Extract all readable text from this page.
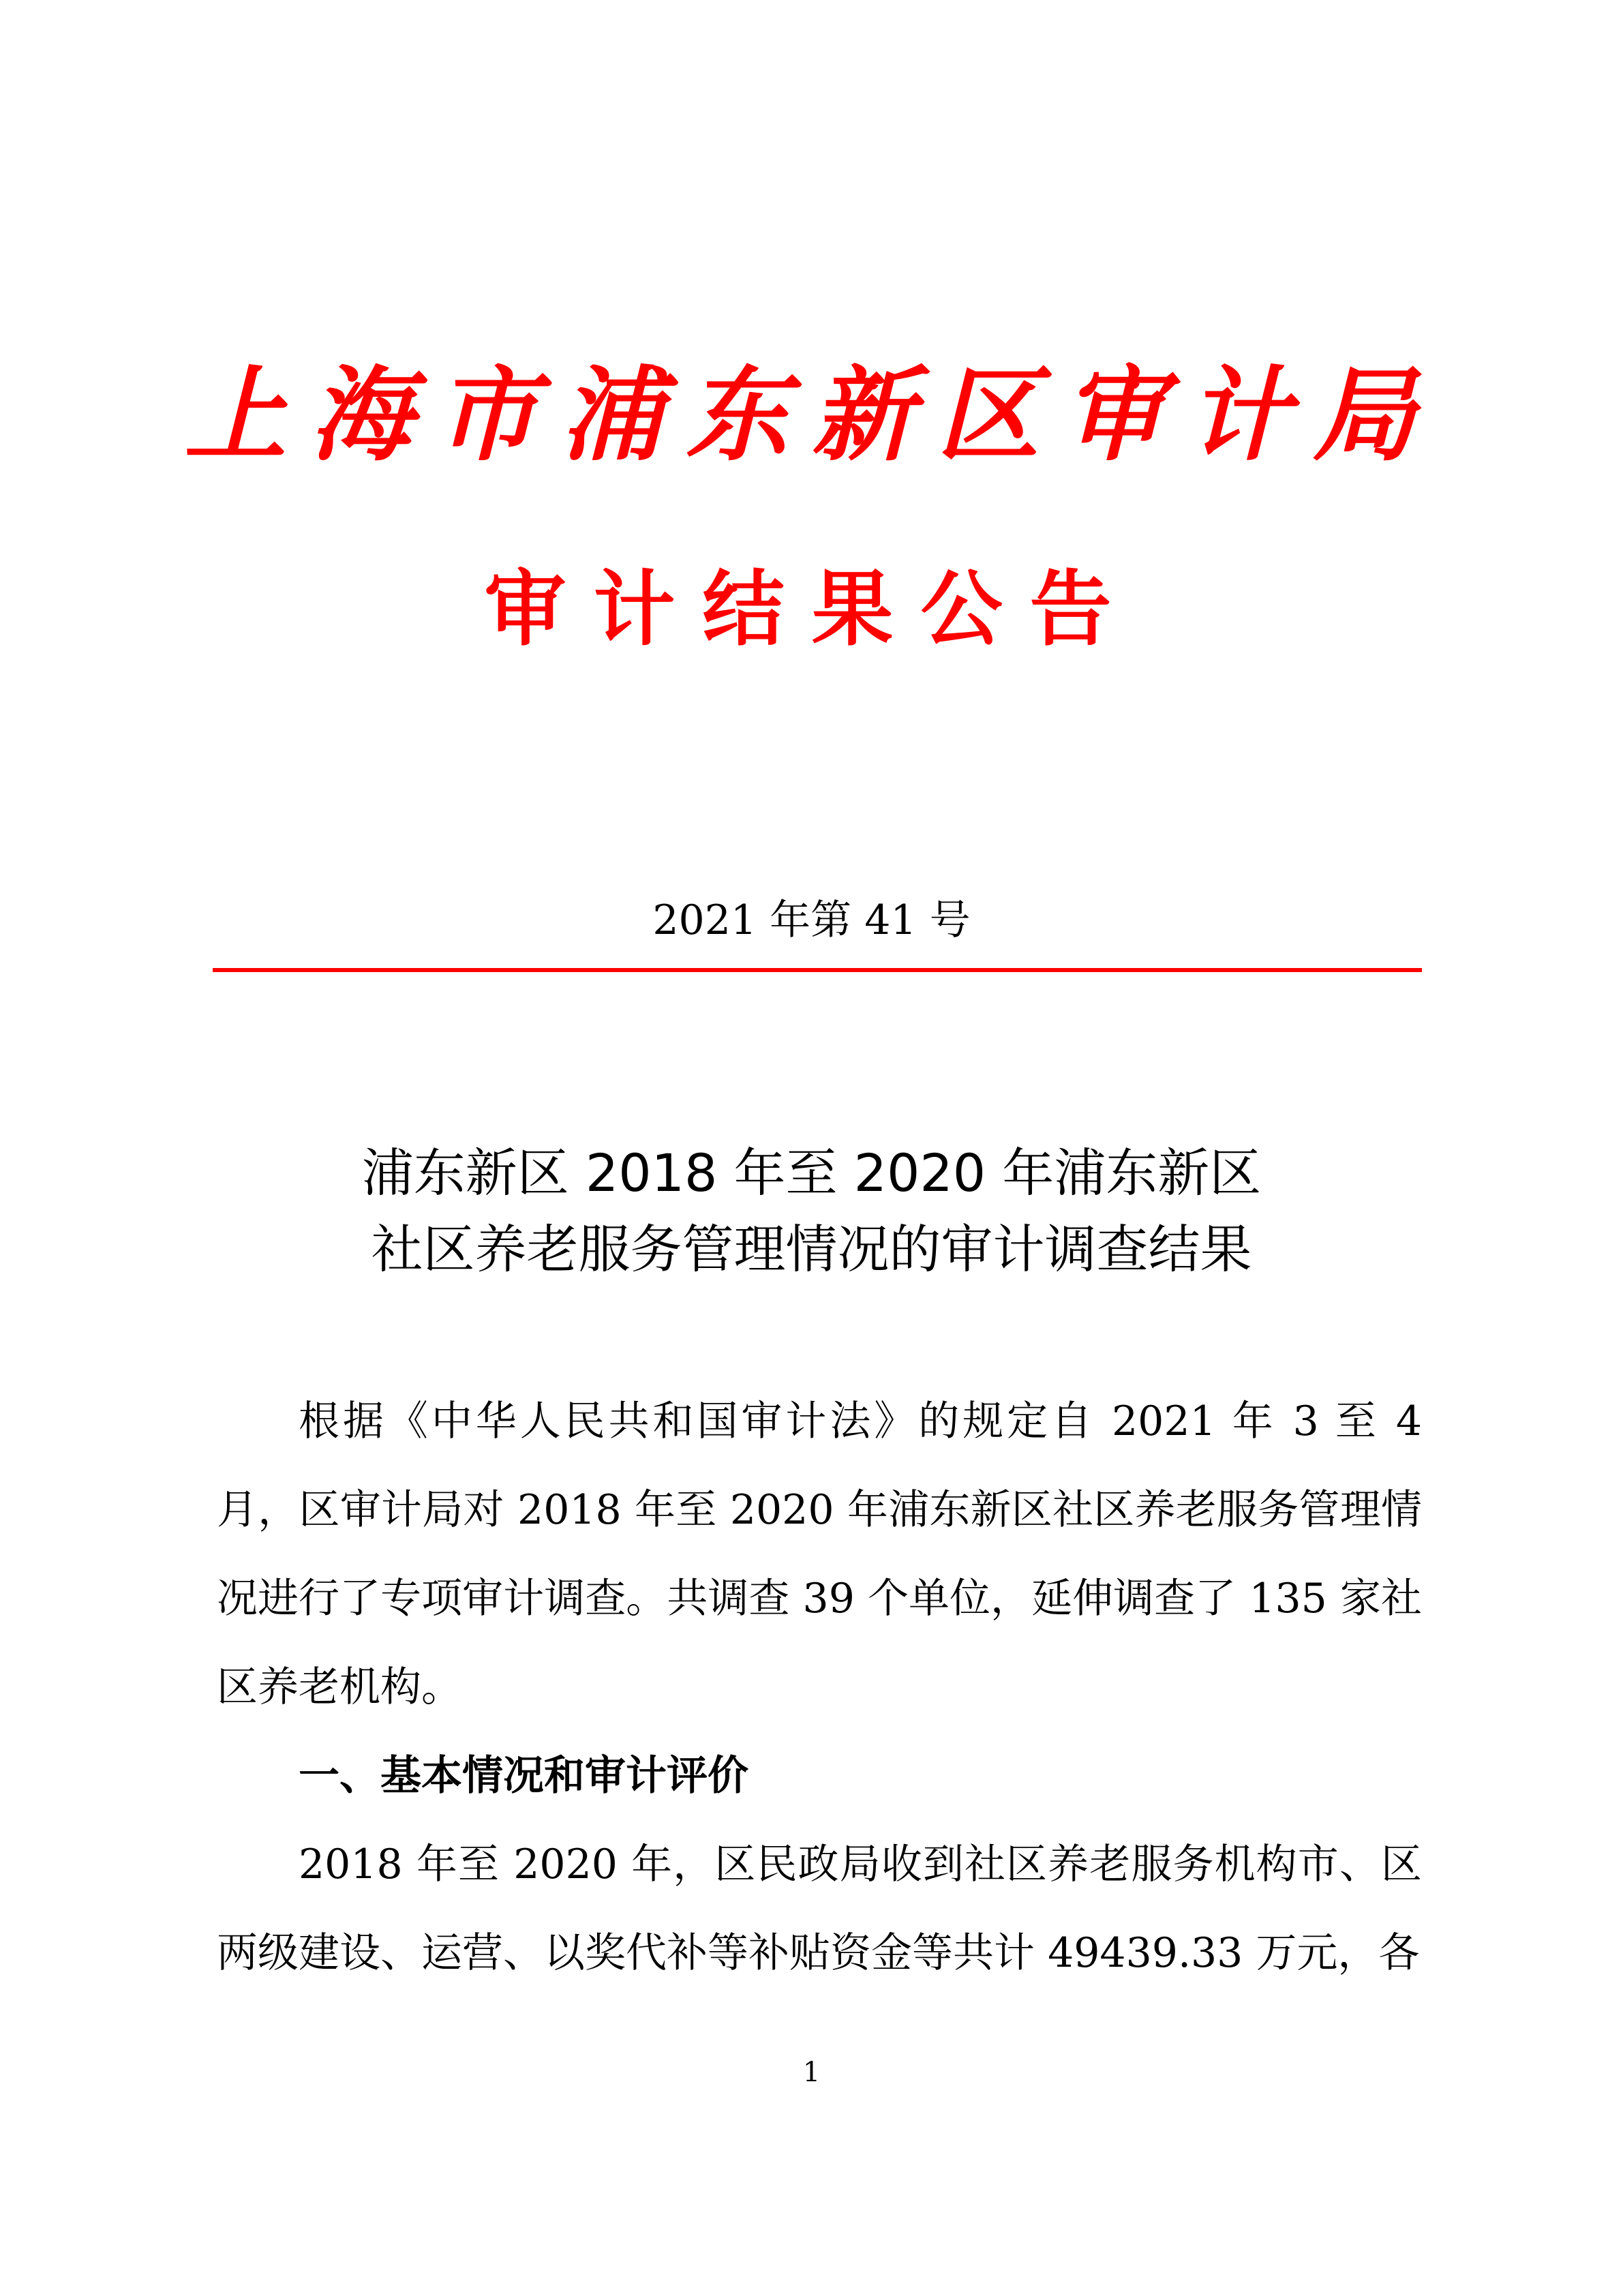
上海市浦东新区审计局
审计结果公告
2021 年第 41 号
浦东新区 2018 年至 2020 年浦东新区
社区养老服务管理情况的审计调查结果

根据《中华人民共和国审计法》的规定自 2021 年 3 至 4 月，区审计局对 2018 年至 2020 年浦东新区社区养老服务管理情况进行了专项审计调查。共调查 39 个单位，延伸调查了 135 家社区养老机构。

一、基本情况和审计评价

2018 年至 2020 年，区民政局收到社区养老服务机构市、区两级建设、运营、以奖代补等补贴资金等共计 49439.33 万元，各

1
